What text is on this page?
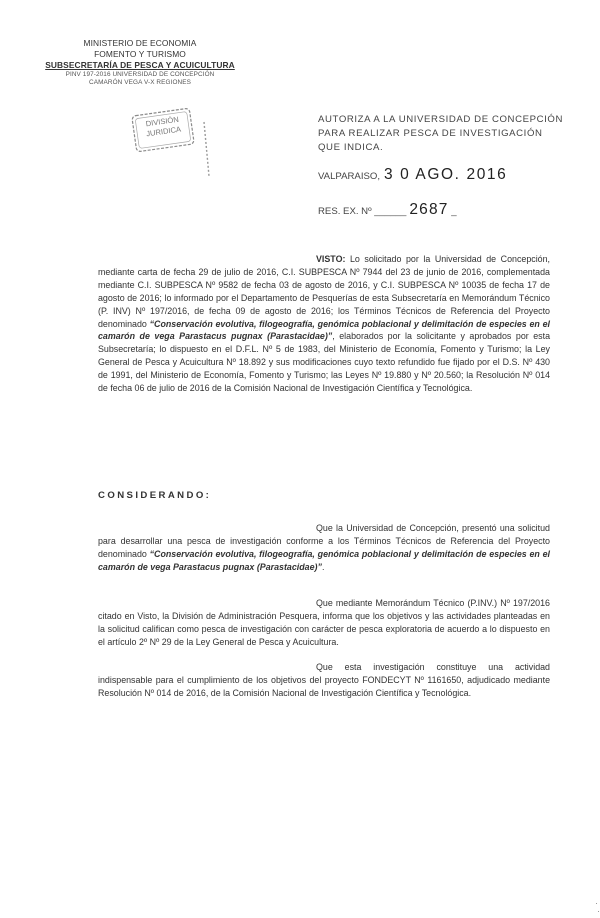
MINISTERIO DE ECONOMIA
FOMENTO Y TURISMO
SUBSECRETARÍA DE PESCA Y ACUICULTURA
PINV 197-2016 UNIVERSIDAD DE CONCEPCIÓN
CAMARÓN VEGA V-X REGIONES
DIVISIÓN
JURIDICA
AUTORIZA A LA UNIVERSIDAD DE CONCEPCIÓN PARA REALIZAR PESCA DE INVESTIGACIÓN QUE INDICA.
VALPARAISO, 3 0 AGO. 2016
RES. EX. Nº ______ 2687 _
VISTO: Lo solicitado por la Universidad de Concepción, mediante carta de fecha 29 de julio de 2016, C.I. SUBPESCA Nº 7944 del 23 de junio de 2016, complementada mediante C.I. SUBPESCA Nº 9582 de fecha 03 de agosto de 2016, y C.I. SUBPESCA Nº 10035 de fecha 17 de agosto de 2016; lo informado por el Departamento de Pesquerías de esta Subsecretaría en Memorándum Técnico (P. INV) Nº 197/2016, de fecha 09 de agosto de 2016; los Términos Técnicos de Referencia del Proyecto denominado “Conservación evolutiva, filogeografía, genómica poblacional y delimitación de especies en el camarón de vega Parastacus pugnax (Parastacidae)”, elaborados por la solicitante y aprobados por esta Subsecretaría; lo dispuesto en el D.F.L. Nº 5 de 1983, del Ministerio de Economía, Fomento y Turismo; la Ley General de Pesca y Acuicultura Nº 18.892 y sus modificaciones cuyo texto refundido fue fijado por el D.S. Nº 430 de 1991, del Ministerio de Economía, Fomento y Turismo; las Leyes Nº 19.880 y Nº 20.560; la Resolución Nº 014 de fecha 06 de julio de 2016 de la Comisión Nacional de Investigación Científica y Tecnológica.
CONSIDERANDO:
Que la Universidad de Concepción, presentó una solicitud para desarrollar una pesca de investigación conforme a los Términos Técnicos de Referencia del Proyecto denominado “Conservación evolutiva, filogeografía, genómica poblacional y delimitación de especies en el camarón de vega Parastacus pugnax (Parastacidae)”.
Que mediante Memorándum Técnico (P.INV.) Nº 197/2016 citado en Visto, la División de Administración Pesquera, informa que los objetivos y las actividades planteadas en la solicitud califican como pesca de investigación con carácter de pesca exploratoria de acuerdo a lo dispuesto en el artículo 2º Nº 29 de la Ley General de Pesca y Acuicultura.
Que esta investigación constituye una actividad indispensable para el cumplimiento de los objetivos del proyecto FONDECYT Nº 1161650, adjudicado mediante Resolución Nº 014 de 2016, de la Comisión Nacional de Investigación Científica y Tecnológica.
